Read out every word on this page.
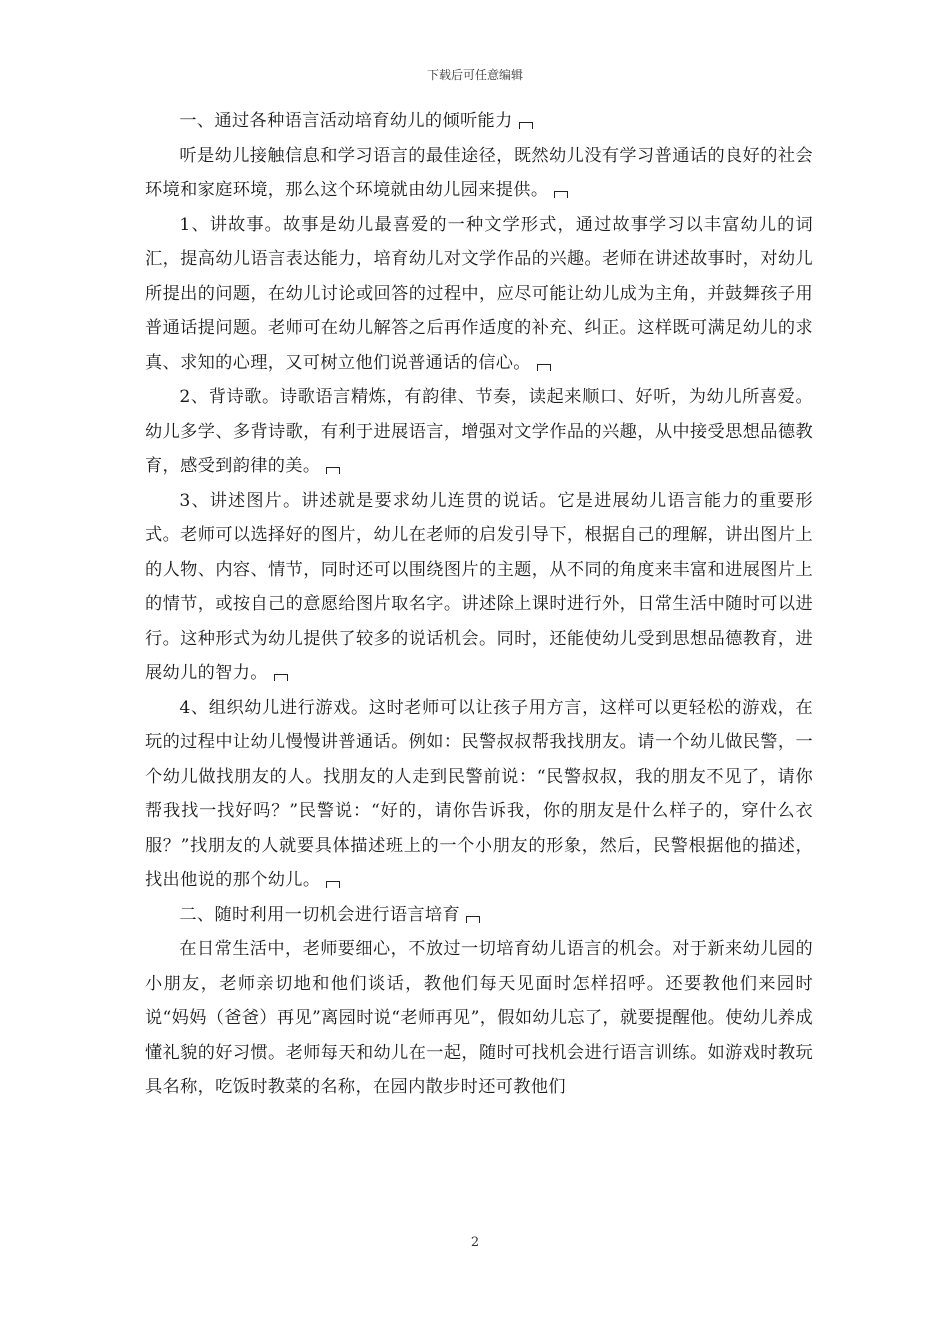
下载后可任意编辑

一、通过各种语言活动培育幼儿的倾听能力

听是幼儿接触信息和学习语言的最佳途径，既然幼儿没有学习普通话的良好的社会环境和家庭环境，那么这个环境就由幼儿园来提供。

1、讲故事。故事是幼儿最喜爱的一种文学形式，通过故事学习以丰富幼儿的词汇，提高幼儿语言表达能力，培育幼儿对文学作品的兴趣。老师在讲述故事时，对幼儿所提出的问题，在幼儿讨论或回答的过程中，应尽可能让幼儿成为主角，并鼓舞孩子用普通话提问题。老师可在幼儿解答之后再作适度的补充、纠正。这样既可满足幼儿的求真、求知的心理，又可树立他们说普通话的信心。

2、背诗歌。诗歌语言精炼，有韵律、节奏，读起来顺口、好听，为幼儿所喜爱。幼儿多学、多背诗歌，有利于进展语言，增强对文学作品的兴趣，从中接受思想品德教育，感受到韵律的美。

3、讲述图片。讲述就是要求幼儿连贯的说话。它是进展幼儿语言能力的重要形式。老师可以选择好的图片，幼儿在老师的启发引导下，根据自己的理解，讲出图片上的人物、内容、情节，同时还可以围绕图片的主题，从不同的角度来丰富和进展图片上的情节，或按自己的意愿给图片取名字。讲述除上课时进行外，日常生活中随时可以进行。这种形式为幼儿提供了较多的说话机会。同时，还能使幼儿受到思想品德教育，进展幼儿的智力。

4、组织幼儿进行游戏。这时老师可以让孩子用方言，这样可以更轻松的游戏，在玩的过程中让幼儿慢慢讲普通话。例如：民警叔叔帮我找朋友。请一个幼儿做民警，一个幼儿做找朋友的人。找朋友的人走到民警前说：“民警叔叔，我的朋友不见了，请你帮我找一找好吗？”民警说：“好的，请你告诉我，你的朋友是什么样子的，穿什么衣服？”找朋友的人就要具体描述班上的一个小朋友的形象，然后，民警根据他的描述，找出他说的那个幼儿。

二、随时利用一切机会进行语言培育

在日常生活中，老师要细心，不放过一切培育幼儿语言的机会。对于新来幼儿园的小朋友，老师亲切地和他们谈话，教他们每天见面时怎样招呼。还要教他们来园时说“妈妈（爸爸）再见”离园时说“老师再见”，假如幼儿忘了，就要提醒他。使幼儿养成懂礼貌的好习惯。老师每天和幼儿在一起，随时可找机会进行语言训练。如游戏时教玩具名称，吃饭时教菜的名称，在园内散步时还可教他们

2
